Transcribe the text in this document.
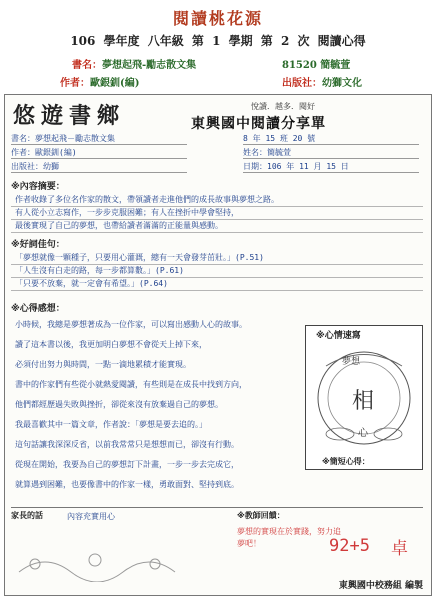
閱讀桃花源
106 學年度 八年級 第 1 學期 第 2 次 閱讀心得
書名：夢想起飛-勵志散文集	81520 簡毓萱
作者：歐銀釧(編)	出版社：幼獅文化
悠遊書鄉	悅讀．越多．閱好
東興國中閱讀分享單
書名：夢想起飛－勵志散文集	8 年 15 班 20 號
作者：歐銀釧(編)	姓名：簡毓萱
出版社：幼獅	日期：106 年 11 月 15 日
※內容摘要：
作者收錄了多位名作家的散文，帶領讀者走進他們的成長故事與夢想之路。
有人從小立志寫作，一步步克服困難；有人在挫折中學會堅持，
最後實現了自己的夢想，也帶給讀者滿滿的正能量與感動。
※好詞佳句：
「夢想就像一顆種子，只要用心灌溉，總有一天會發芽茁壯。」(P.51)
「人生沒有白走的路，每一步都算數。」(P.61)
「只要不放棄，就一定會有希望。」(P.64)
※心得感想：
小時候，我總是夢想著成為一位作家，可以寫出感動人心的故事。
讀了這本書以後，我更加明白夢想不會從天上掉下來，
必須付出努力與時間，一點一滴地累積才能實現。
書中的作家們有些從小就熱愛閱讀，有些則是在成長中找到方向，
他們都經歷過失敗與挫折，卻從來沒有放棄過自己的夢想。
我最喜歡其中一篇文章，作者說：「夢想是要去追的。」
這句話讓我深深反省，以前我常常只是想想而已，卻沒有行動。
從現在開始，我要為自己的夢想訂下計畫，一步一步去完成它，
就算遇到困難，也要像書中的作家一樣，勇敢面對、堅持到底。
※心情速寫
夢想
相
心
※簡短心得：
家長的話	內容充實用心	※教師回饋：
夢想的實現在於實踐，努力追夢吧！	92+5 卓
東興國中校務組 編製
